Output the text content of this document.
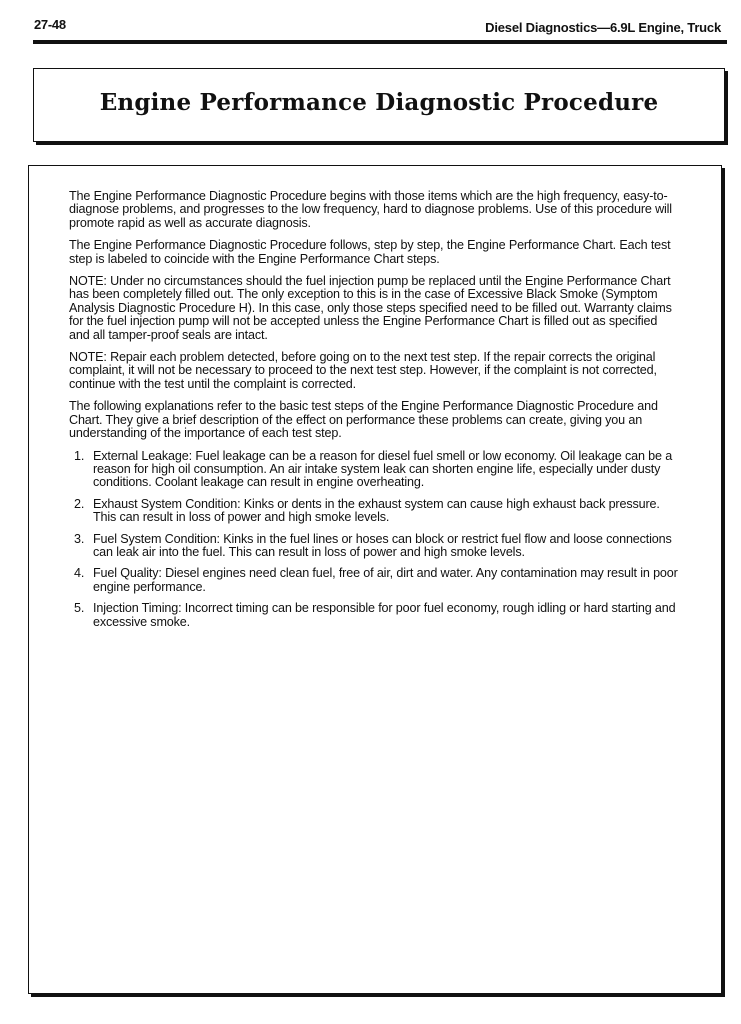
27-48	Diesel Diagnostics—6.9L Engine, Truck
Engine Performance Diagnostic Procedure

The Engine Performance Diagnostic Procedure begins with those items which are the high frequency, easy-to-diagnose problems, and progresses to the low frequency, hard to diagnose problems. Use of this procedure will promote rapid as well as accurate diagnosis.

The Engine Performance Diagnostic Procedure follows, step by step, the Engine Performance Chart. Each test step is labeled to coincide with the Engine Performance Chart steps.

NOTE: Under no circumstances should the fuel injection pump be replaced until the Engine Performance Chart has been completely filled out. The only exception to this is in the case of Excessive Black Smoke (Symptom Analysis Diagnostic Procedure H). In this case, only those steps specified need to be filled out. Warranty claims for the fuel injection pump will not be accepted unless the Engine Performance Chart is filled out as specified and all tamper-proof seals are intact.

NOTE: Repair each problem detected, before going on to the next test step. If the repair corrects the original complaint, it will not be necessary to proceed to the next test step. However, if the complaint is not corrected, continue with the test until the complaint is corrected.

The following explanations refer to the basic test steps of the Engine Performance Diagnostic Procedure and Chart. They give a brief description of the effect on performance these problems can create, giving you an understanding of the importance of each test step.

1. External Leakage: Fuel leakage can be a reason for diesel fuel smell or low economy. Oil leakage can be a reason for high oil consumption. An air intake system leak can shorten engine life, especially under dusty conditions. Coolant leakage can result in engine overheating.
2. Exhaust System Condition: Kinks or dents in the exhaust system can cause high exhaust back pressure. This can result in loss of power and high smoke levels.
3. Fuel System Condition: Kinks in the fuel lines or hoses can block or restrict fuel flow and loose connections can leak air into the fuel. This can result in loss of power and high smoke levels.
4. Fuel Quality: Diesel engines need clean fuel, free of air, dirt and water. Any contamination may result in poor engine performance.
5. Injection Timing: Incorrect timing can be responsible for poor fuel economy, rough idling or hard starting and excessive smoke.
